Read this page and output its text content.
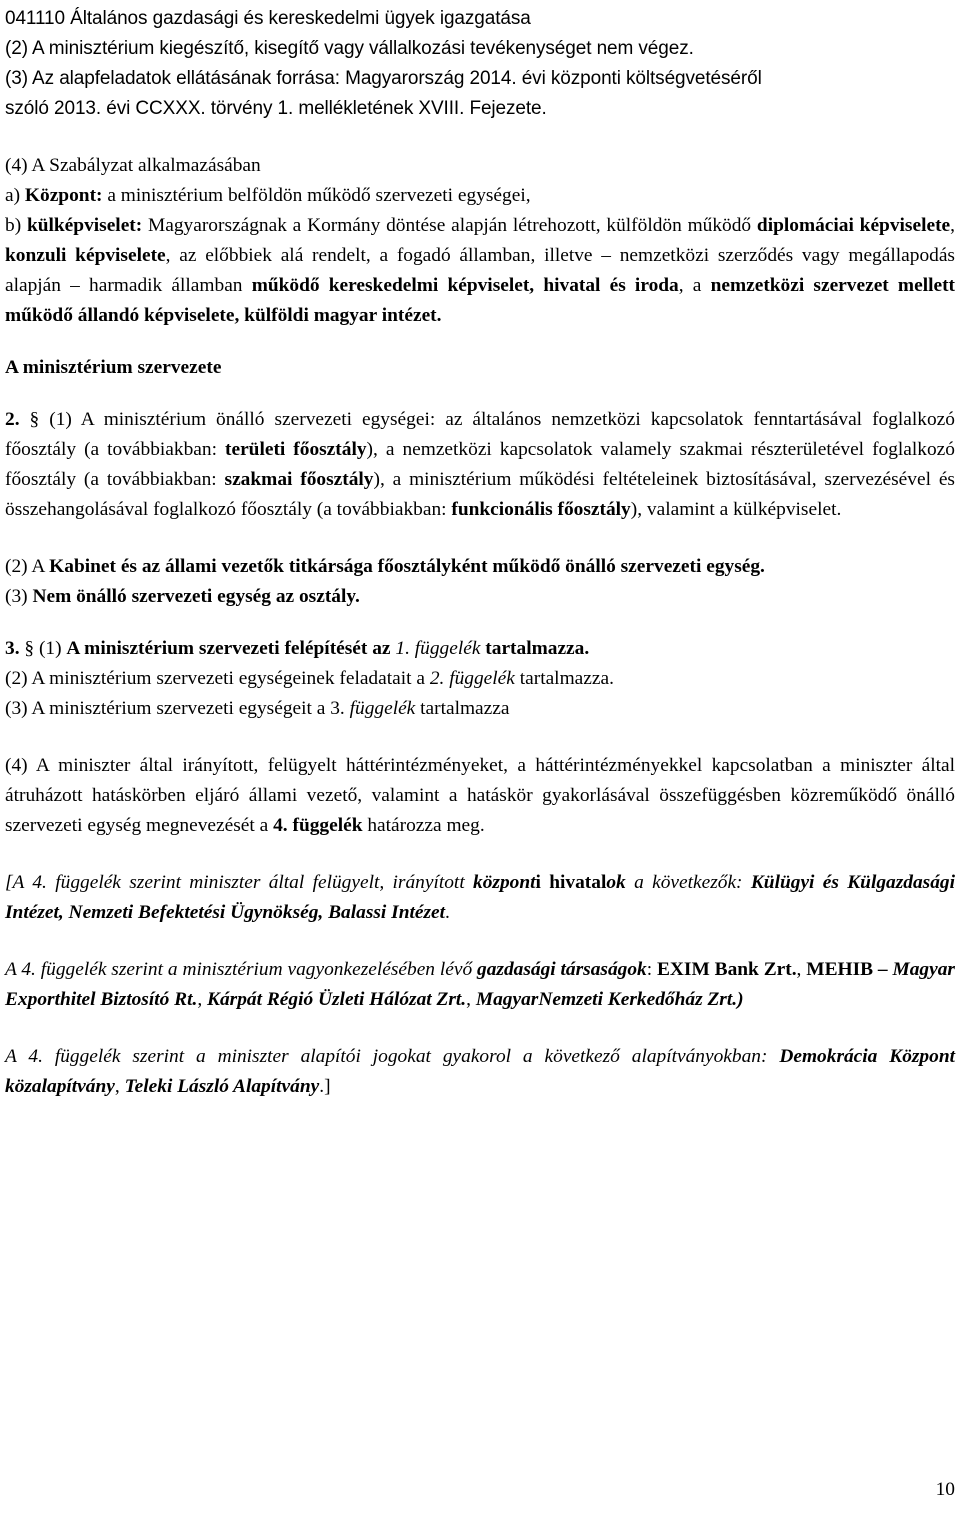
041110 Általános gazdasági és kereskedelmi ügyek igazgatása
(2) A minisztérium kiegészítő, kisegítő vagy vállalkozási tevékenységet nem végez.
(3) Az alapfeladatok ellátásának forrása: Magyarország 2014. évi központi költségvetéséről
szóló 2013. évi CCXXX. törvény 1. mellékletének XVIII. Fejezete.
(4) A Szabályzat alkalmazásában
a) Központ: a minisztérium belföldön működő szervezeti egységei,

b) külképviselet: Magyarországnak a Kormány döntése alapján létrehozott, külföldön működő diplomáciai képviselete, konzuli képviselete, az előbbiek alá rendelt, a fogadó államban, illetve – nemzetközi szerződés vagy megállapodás alapján – harmadik államban működő kereskedelmi képviselet, hivatal és iroda, a nemzetközi szervezet mellett működő állandó képviselete, külföldi magyar intézet.

A minisztérium szervezete

2. § (1) A minisztérium önálló szervezeti egységei: az általános nemzetközi kapcsolatok fenntartásával foglalkozó főosztály (a továbbiakban: területi főosztály), a nemzetközi kapcsolatok valamely szakmai részterületével foglalkozó főosztály (a továbbiakban: szakmai főosztály), a minisztérium működési feltételeinek biztosításával, szervezésével és összehangolásával foglalkozó főosztály (a továbbiakban: funkcionális főosztály), valamint a külképviselet.

(2) A Kabinet és az állami vezetők titkársága főosztályként működő önálló szervezeti egység.

(3) Nem önálló szervezeti egység az osztály.
3. § (1) A minisztérium szervezeti felépítését az 1. függelék tartalmazza.
(2) A minisztérium szervezeti egységeinek feladatait a 2. függelék tartalmazza.
(3) A minisztérium szervezeti egységeit a 3. függelék tartalmazza

(4) A miniszter által irányított, felügyelt háttérintézményeket, a háttérintézményekkel kapcsolatban a miniszter által átruházott hatáskörben eljáró állami vezető, valamint a hatáskör gyakorlásával összefüggésben közreműködő önálló szervezeti egység megnevezését a 4. függelék határozza meg.

[A 4. függelék szerint miniszter által felügyelt, irányított központi hivatalok a következők: Külügyi és Külgazdasági Intézet, Nemzeti Befektetési Ügynökség, Balassi Intézet.

A 4. függelék szerint a minisztérium vagyonkezelésében lévő gazdasági társaságok: EXIM Bank Zrt., MEHIB – Magyar Exporthitel Biztosító Rt., Kárpát Régió Üzleti Hálózat Zrt., MagyarNemzeti Kerkedőház Zrt.)

A 4. függelék szerint a miniszter alapítói jogokat gyakorol a következő alapítványokban: Demokrácia Központ közalapítvány, Teleki László Alapítvány.]

10
